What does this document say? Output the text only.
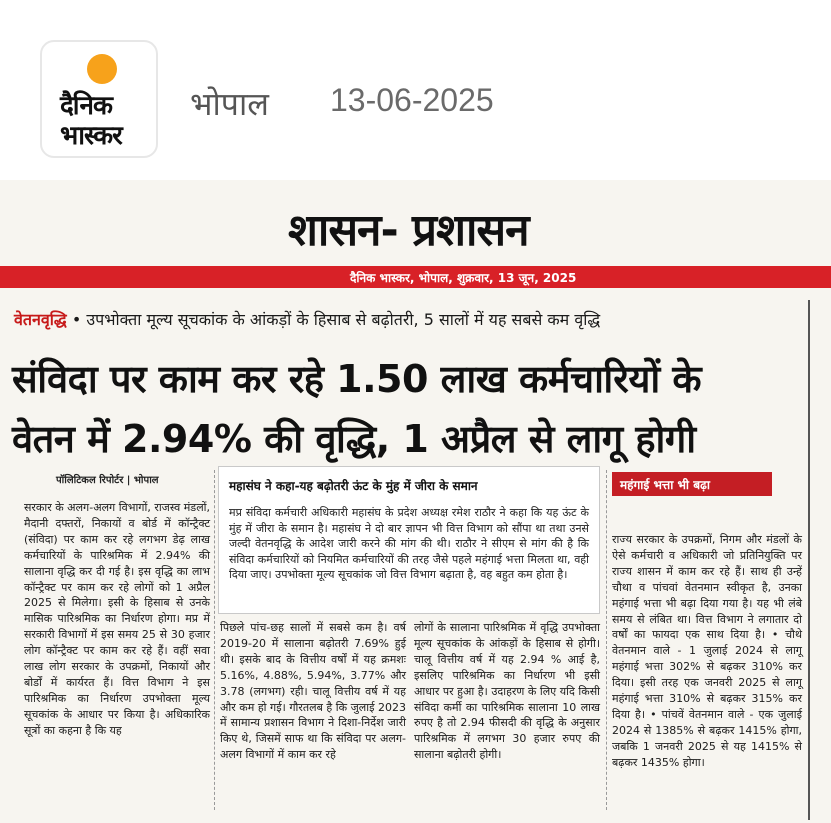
दैनिक
भास्कर
भोपाल 13-06-2025
शासन- प्रशासन
दैनिक भास्कर, भोपाल, शुक्रवार, 13 जून, 2025
वेतनवृद्धि • उपभोक्ता मूल्य सूचकांक के आंकड़ों के हिसाब से बढ़ोतरी, 5 सालों में यह सबसे कम वृद्धि
संविदा पर काम कर रहे 1.50 लाख कर्मचारियों के
वेतन में 2.94% की वृद्धि, 1 अप्रैल से लागू होगी
पॉलिटिकल रिपोर्टर | भोपाल
सरकार के अलग-अलग विभागों, राजस्व मंडलों, मैदानी दफ्तरों, निकायों व बोर्ड में कॉन्ट्रैक्ट (संविदा) पर काम कर रहे लगभग डेढ़ लाख कर्मचारियों के पारिश्रमिक में 2.94% की सालाना वृद्धि कर दी गई है। इस वृद्धि का लाभ कॉन्ट्रैक्ट पर काम कर रहे लोगों को 1 अप्रैल 2025 से मिलेगा। इसी के हिसाब से उनके मासिक पारिश्रमिक का निर्धारण होगा। मप्र में सरकारी विभागों में इस समय 25 से 30 हजार लोग कॉन्ट्रैक्ट पर काम कर रहे हैं। वहीं सवा लाख लोग सरकार के उपक्रमों, निकायों और बोर्डों में कार्यरत हैं। वित्त विभाग ने इस पारिश्रमिक का निर्धारण उपभोक्ता मूल्य सूचकांक के आधार पर किया है। अधिकारिक सूत्रों का कहना है कि यह
महासंघ ने कहा-यह बढ़ोतरी ऊंट के मुंह में जीरा के समान
मप्र संविदा कर्मचारी अधिकारी महासंघ के प्रदेश अध्यक्ष रमेश राठौर ने कहा कि यह ऊंट के मुंह में जीरा के समान है। महासंघ ने दो बार ज्ञापन भी वित्त विभाग को सौंपा था तथा उनसे जल्दी वेतनवृद्धि के आदेश जारी करने की मांग की थी। राठौर ने सीएम से मांग की है कि संविदा कर्मचारियों को नियमित कर्मचारियों की तरह जैसे पहले महंगाई भत्ता मिलता था, वही दिया जाए। उपभोक्ता मूल्य सूचकांक जो वित्त विभाग बढ़ाता है, वह बहुत कम होता है।
पिछले पांच-छह सालों में सबसे कम है। वर्ष 2019-20 में सालाना बढ़ोतरी 7.69% हुई थी। इसके बाद के वित्तीय वर्षों में यह क्रमशः 5.16%, 4.88%, 5.94%, 3.77% और 3.78 (लगभग) रही। चालू वित्तीय वर्ष में यह और कम हो गई। गौरतलब है कि जुलाई 2023 में सामान्य प्रशासन विभाग ने दिशा-निर्देश जारी किए थे, जिसमें साफ था कि संविदा पर अलग-अलग विभागों में काम कर रहे
लोगों के सालाना पारिश्रमिक में वृद्धि उपभोक्ता मूल्य सूचकांक के आंकड़ों के हिसाब से होगी। चालू वित्तीय वर्ष में यह 2.94 % आई है, इसलिए पारिश्रमिक का निर्धारण भी इसी आधार पर हुआ है। उदाहरण के लिए यदि किसी संविदा कर्मी का पारिश्रमिक सालाना 10 लाख रुपए है तो 2.94 फीसदी की वृद्धि के अनुसार पारिश्रमिक में लगभग 30 हजार रुपए की सालाना बढ़ोतरी होगी।
महंगाई भत्ता भी बढ़ा
राज्य सरकार के उपक्रमों, निगम और मंडलों के ऐसे कर्मचारी व अधिकारी जो प्रतिनियुक्ति पर राज्य शासन में काम कर रहे हैं। साथ ही उन्हें चौथा व पांचवां वेतनमान स्वीकृत है, उनका महंगाई भत्ता भी बढ़ा दिया गया है। यह भी लंबे समय से लंबित था। वित्त विभाग ने लगातार दो वर्षों का फायदा एक साथ दिया है। • चौथे वेतनमान वाले - 1 जुलाई 2024 से लागू महंगाई भत्ता 302% से बढ़कर 310% कर दिया। इसी तरह एक जनवरी 2025 से लागू महंगाई भत्ता 310% से बढ़कर 315% कर दिया है। • पांचवें वेतनमान वाले - एक जुलाई 2024 से 1385% से बढ़कर 1415% होगा, जबकि 1 जनवरी 2025 से यह 1415% से बढ़कर 1435% होगा।
